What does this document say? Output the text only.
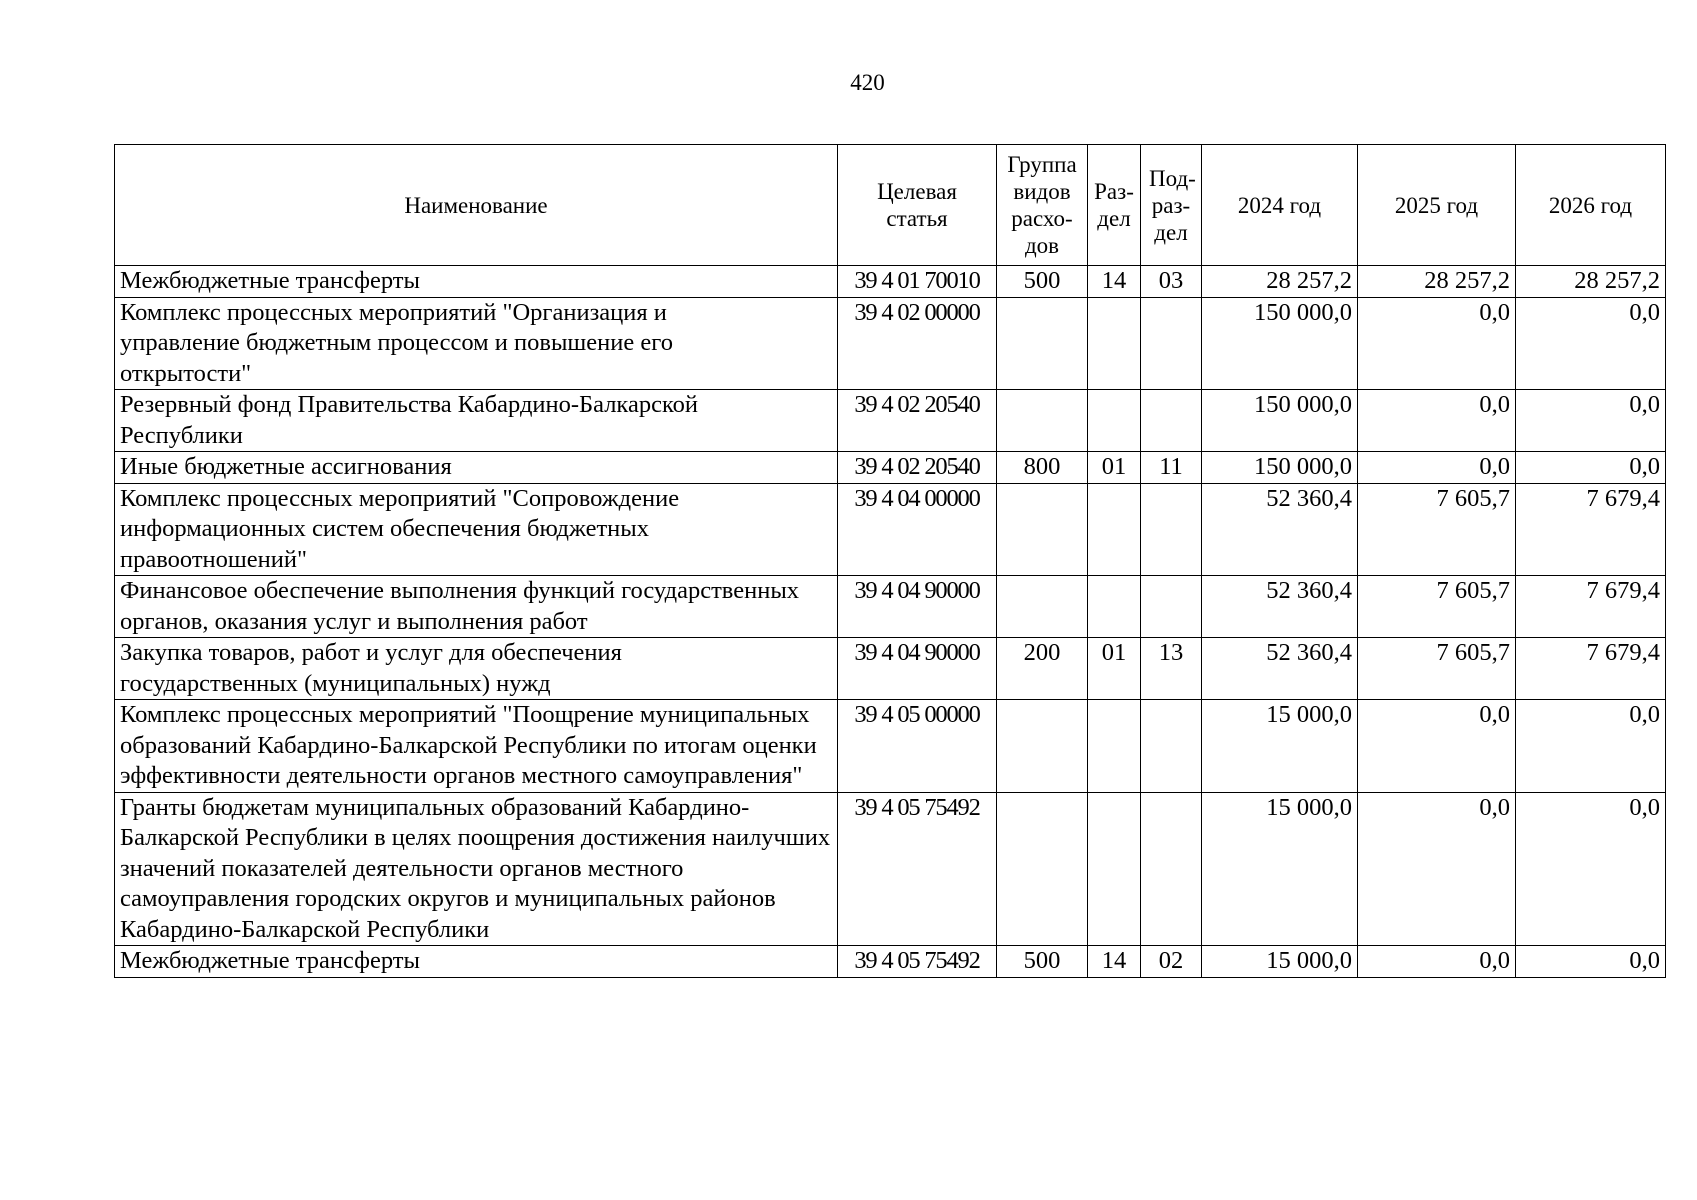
420
Наименование	Целевая статья	Группа видов расхо-дов	Раз-дел	Под-раз-дел	2024 год	2025 год	2026 год
Межбюджетные трансферты	39 4 01 70010	500	14	03	28 257,2	28 257,2	28 257,2
Комплекс процессных мероприятий "Организация и управление бюджетным процессом и повышение его открытости"	39 4 02 00000				150 000,0	0,0	0,0
Резервный фонд Правительства Кабардино-Балкарской Республики	39 4 02 20540				150 000,0	0,0	0,0
Иные бюджетные ассигнования	39 4 02 20540	800	01	11	150 000,0	0,0	0,0
Комплекс процессных мероприятий "Сопровождение информационных систем обеспечения бюджетных правоотношений"	39 4 04 00000				52 360,4	7 605,7	7 679,4
Финансовое обеспечение выполнения функций государственных органов, оказания услуг и выполнения работ	39 4 04 90000				52 360,4	7 605,7	7 679,4
Закупка товаров, работ и услуг для обеспечения государственных (муниципальных) нужд	39 4 04 90000	200	01	13	52 360,4	7 605,7	7 679,4
Комплекс процессных мероприятий "Поощрение муниципальных образований Кабардино-Балкарской Республики по итогам оценки эффективности деятельности органов местного самоуправления"	39 4 05 00000				15 000,0	0,0	0,0
Гранты бюджетам муниципальных образований Кабардино-Балкарской Республики в целях поощрения достижения наилучших значений показателей деятельности органов местного самоуправления городских округов и муниципальных районов Кабардино-Балкарской Республики	39 4 05 75492				15 000,0	0,0	0,0
Межбюджетные трансферты	39 4 05 75492	500	14	02	15 000,0	0,0	0,0
